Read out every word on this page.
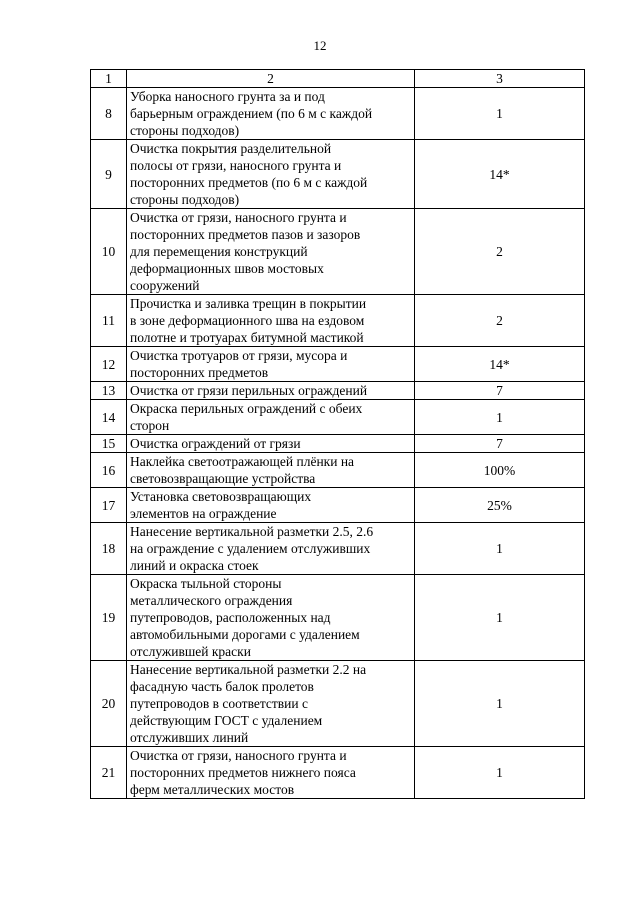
12
1	2	3
8	Уборка наносного грунта за и под
барьерным ограждением (по 6 м с каждой
стороны подходов)	1
9	Очистка покрытия разделительной
полосы от грязи, наносного грунта и
посторонних предметов (по 6 м с каждой
стороны подходов)	14*
10	Очистка от грязи, наносного грунта и
посторонних предметов пазов и зазоров
для перемещения конструкций
деформационных швов мостовых
сооружений	2
11	Прочистка и заливка трещин в покрытии
в зоне деформационного шва на ездовом
полотне и тротуарах битумной мастикой	2
12	Очистка тротуаров от грязи, мусора и
посторонних предметов	14*
13	Очистка от грязи перильных ограждений	7
14	Окраска перильных ограждений с обеих
сторон	1
15	Очистка ограждений от грязи	7
16	Наклейка светоотражающей плёнки на
световозвращающие устройства	100%
17	Установка световозвращающих
элементов на ограждение	25%
18	Нанесение вертикальной разметки 2.5, 2.6
на ограждение с удалением отслуживших
линий и окраска стоек	1
19	Окраска тыльной стороны
металлического ограждения
путепроводов, расположенных над
автомобильными дорогами с удалением
отслужившей краски	1
20	Нанесение вертикальной разметки 2.2 на
фасадную часть балок пролетов
путепроводов в соответствии с
действующим ГОСТ с удалением
отслуживших линий	1
21	Очистка от грязи, наносного грунта и
посторонних предметов нижнего пояса
ферм металлических мостов	1
